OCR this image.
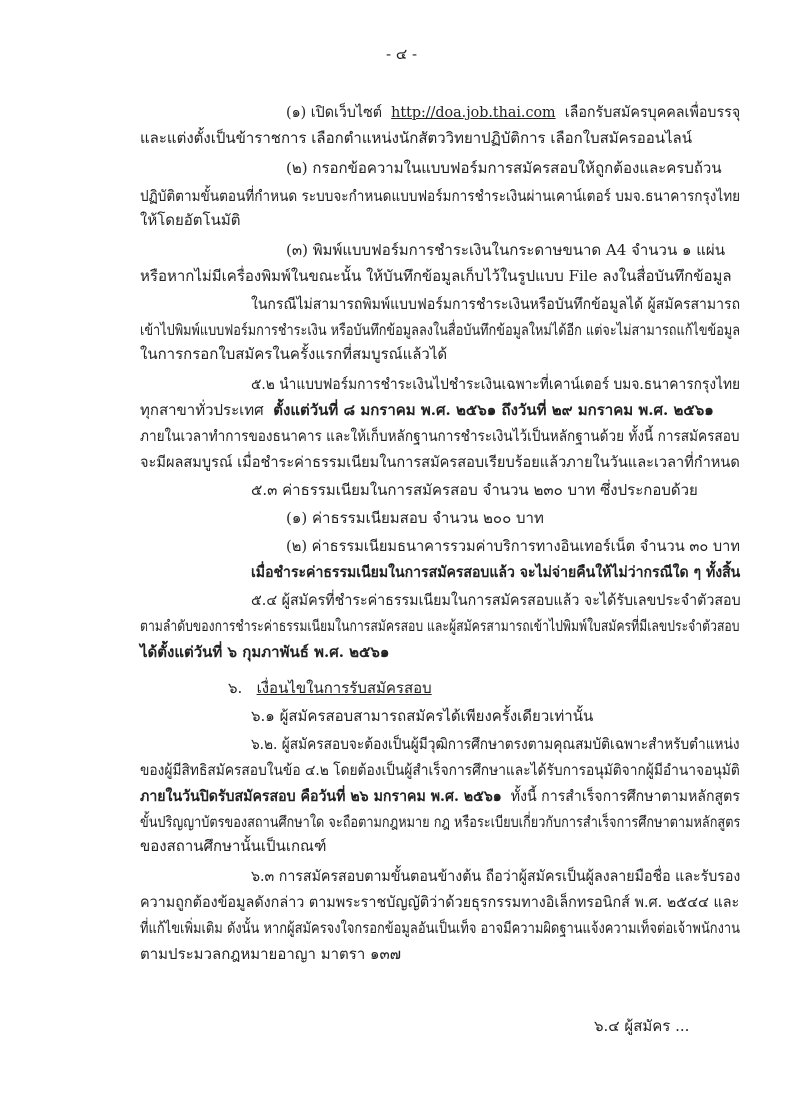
- ๔ -
(๑) เปิดเว็บไซต์ http://doa.job.thai.com เลือกรับสมัครบุคคลเพื่อบรรจุ
และแต่งตั้งเป็นข้าราชการ เลือกตำแหน่งนักสัตววิทยาปฏิบัติการ เลือกใบสมัครออนไลน์
(๒) กรอกข้อความในแบบฟอร์มการสมัครสอบให้ถูกต้องและครบถ้วน
ปฏิบัติตามขั้นตอนที่กำหนด ระบบจะกำหนดแบบฟอร์มการชำระเงินผ่านเคาน์เตอร์ บมจ.ธนาคารกรุงไทย
ให้โดยอัตโนมัติ
(๓) พิมพ์แบบฟอร์มการชำระเงินในกระดาษขนาด A4 จำนวน ๑ แผ่น
หรือหากไม่มีเครื่องพิมพ์ในขณะนั้น ให้บันทึกข้อมูลเก็บไว้ในรูปแบบ File ลงในสื่อบันทึกข้อมูล
ในกรณีไม่สามารถพิมพ์แบบฟอร์มการชำระเงินหรือบันทึกข้อมูลได้ ผู้สมัครสามารถ
เข้าไปพิมพ์แบบฟอร์มการชำระเงิน หรือบันทึกข้อมูลลงในสื่อบันทึกข้อมูลใหม่ได้อีก แต่จะไม่สามารถแก้ไขข้อมูล
ในการกรอกใบสมัครในครั้งแรกที่สมบูรณ์แล้วได้
๕.๒ นำแบบฟอร์มการชำระเงินไปชำระเงินเฉพาะที่เคาน์เตอร์ บมจ.ธนาคารกรุงไทย
ทุกสาขาทั่วประเทศ ตั้งแต่วันที่ ๘ มกราคม พ.ศ. ๒๕๖๑ ถึงวันที่ ๒๙ มกราคม พ.ศ. ๒๕๖๑
ภายในเวลาทำการของธนาคาร และให้เก็บหลักฐานการชำระเงินไว้เป็นหลักฐานด้วย ทั้งนี้ การสมัครสอบ
จะมีผลสมบูรณ์ เมื่อชำระค่าธรรมเนียมในการสมัครสอบเรียบร้อยแล้วภายในวันและเวลาที่กำหนด
๕.๓ ค่าธรรมเนียมในการสมัครสอบ จำนวน ๒๓๐ บาท ซึ่งประกอบด้วย
(๑) ค่าธรรมเนียมสอบ จำนวน ๒๐๐ บาท
(๒) ค่าธรรมเนียมธนาคารรวมค่าบริการทางอินเทอร์เน็ต จำนวน ๓๐ บาท
เมื่อชำระค่าธรรมเนียมในการสมัครสอบแล้ว จะไม่จ่ายคืนให้ไม่ว่ากรณีใด ๆ ทั้งสิ้น
๕.๔ ผู้สมัครที่ชำระค่าธรรมเนียมในการสมัครสอบแล้ว จะได้รับเลขประจำตัวสอบ
ตามลำดับของการชำระค่าธรรมเนียมในการสมัครสอบ และผู้สมัครสามารถเข้าไปพิมพ์ใบสมัครที่มีเลขประจำตัวสอบ
ได้ตั้งแต่วันที่ ๖ กุมภาพันธ์ พ.ศ. ๒๕๖๑
๖. เงื่อนไขในการรับสมัครสอบ
๖.๑ ผู้สมัครสอบสามารถสมัครได้เพียงครั้งเดียวเท่านั้น
๖.๒. ผู้สมัครสอบจะต้องเป็นผู้มีวุฒิการศึกษาตรงตามคุณสมบัติเฉพาะสำหรับตำแหน่ง
ของผู้มีสิทธิสมัครสอบในข้อ ๔.๒ โดยต้องเป็นผู้สำเร็จการศึกษาและได้รับการอนุมัติจากผู้มีอำนาจอนุมัติ
ภายในวันปิดรับสมัครสอบ คือวันที่ ๒๖ มกราคม พ.ศ. ๒๕๖๑ ทั้งนี้ การสำเร็จการศึกษาตามหลักสูตร
ขั้นปริญญาบัตรของสถานศึกษาใด จะถือตามกฎหมาย กฎ หรือระเบียบเกี่ยวกับการสำเร็จการศึกษาตามหลักสูตร
ของสถานศึกษานั้นเป็นเกณฑ์
๖.๓ การสมัครสอบตามขั้นตอนข้างต้น ถือว่าผู้สมัครเป็นผู้ลงลายมือชื่อ และรับรอง
ความถูกต้องข้อมูลดังกล่าว ตามพระราชบัญญัติว่าด้วยธุรกรรมทางอิเล็กทรอนิกส์ พ.ศ. ๒๕๔๔ และ
ที่แก้ไขเพิ่มเติม ดังนั้น หากผู้สมัครจงใจกรอกข้อมูลอันเป็นเท็จ อาจมีความผิดฐานแจ้งความเท็จต่อเจ้าพนักงาน
ตามประมวลกฎหมายอาญา มาตรา ๑๓๗
๖.๔ ผู้สมัคร ...
